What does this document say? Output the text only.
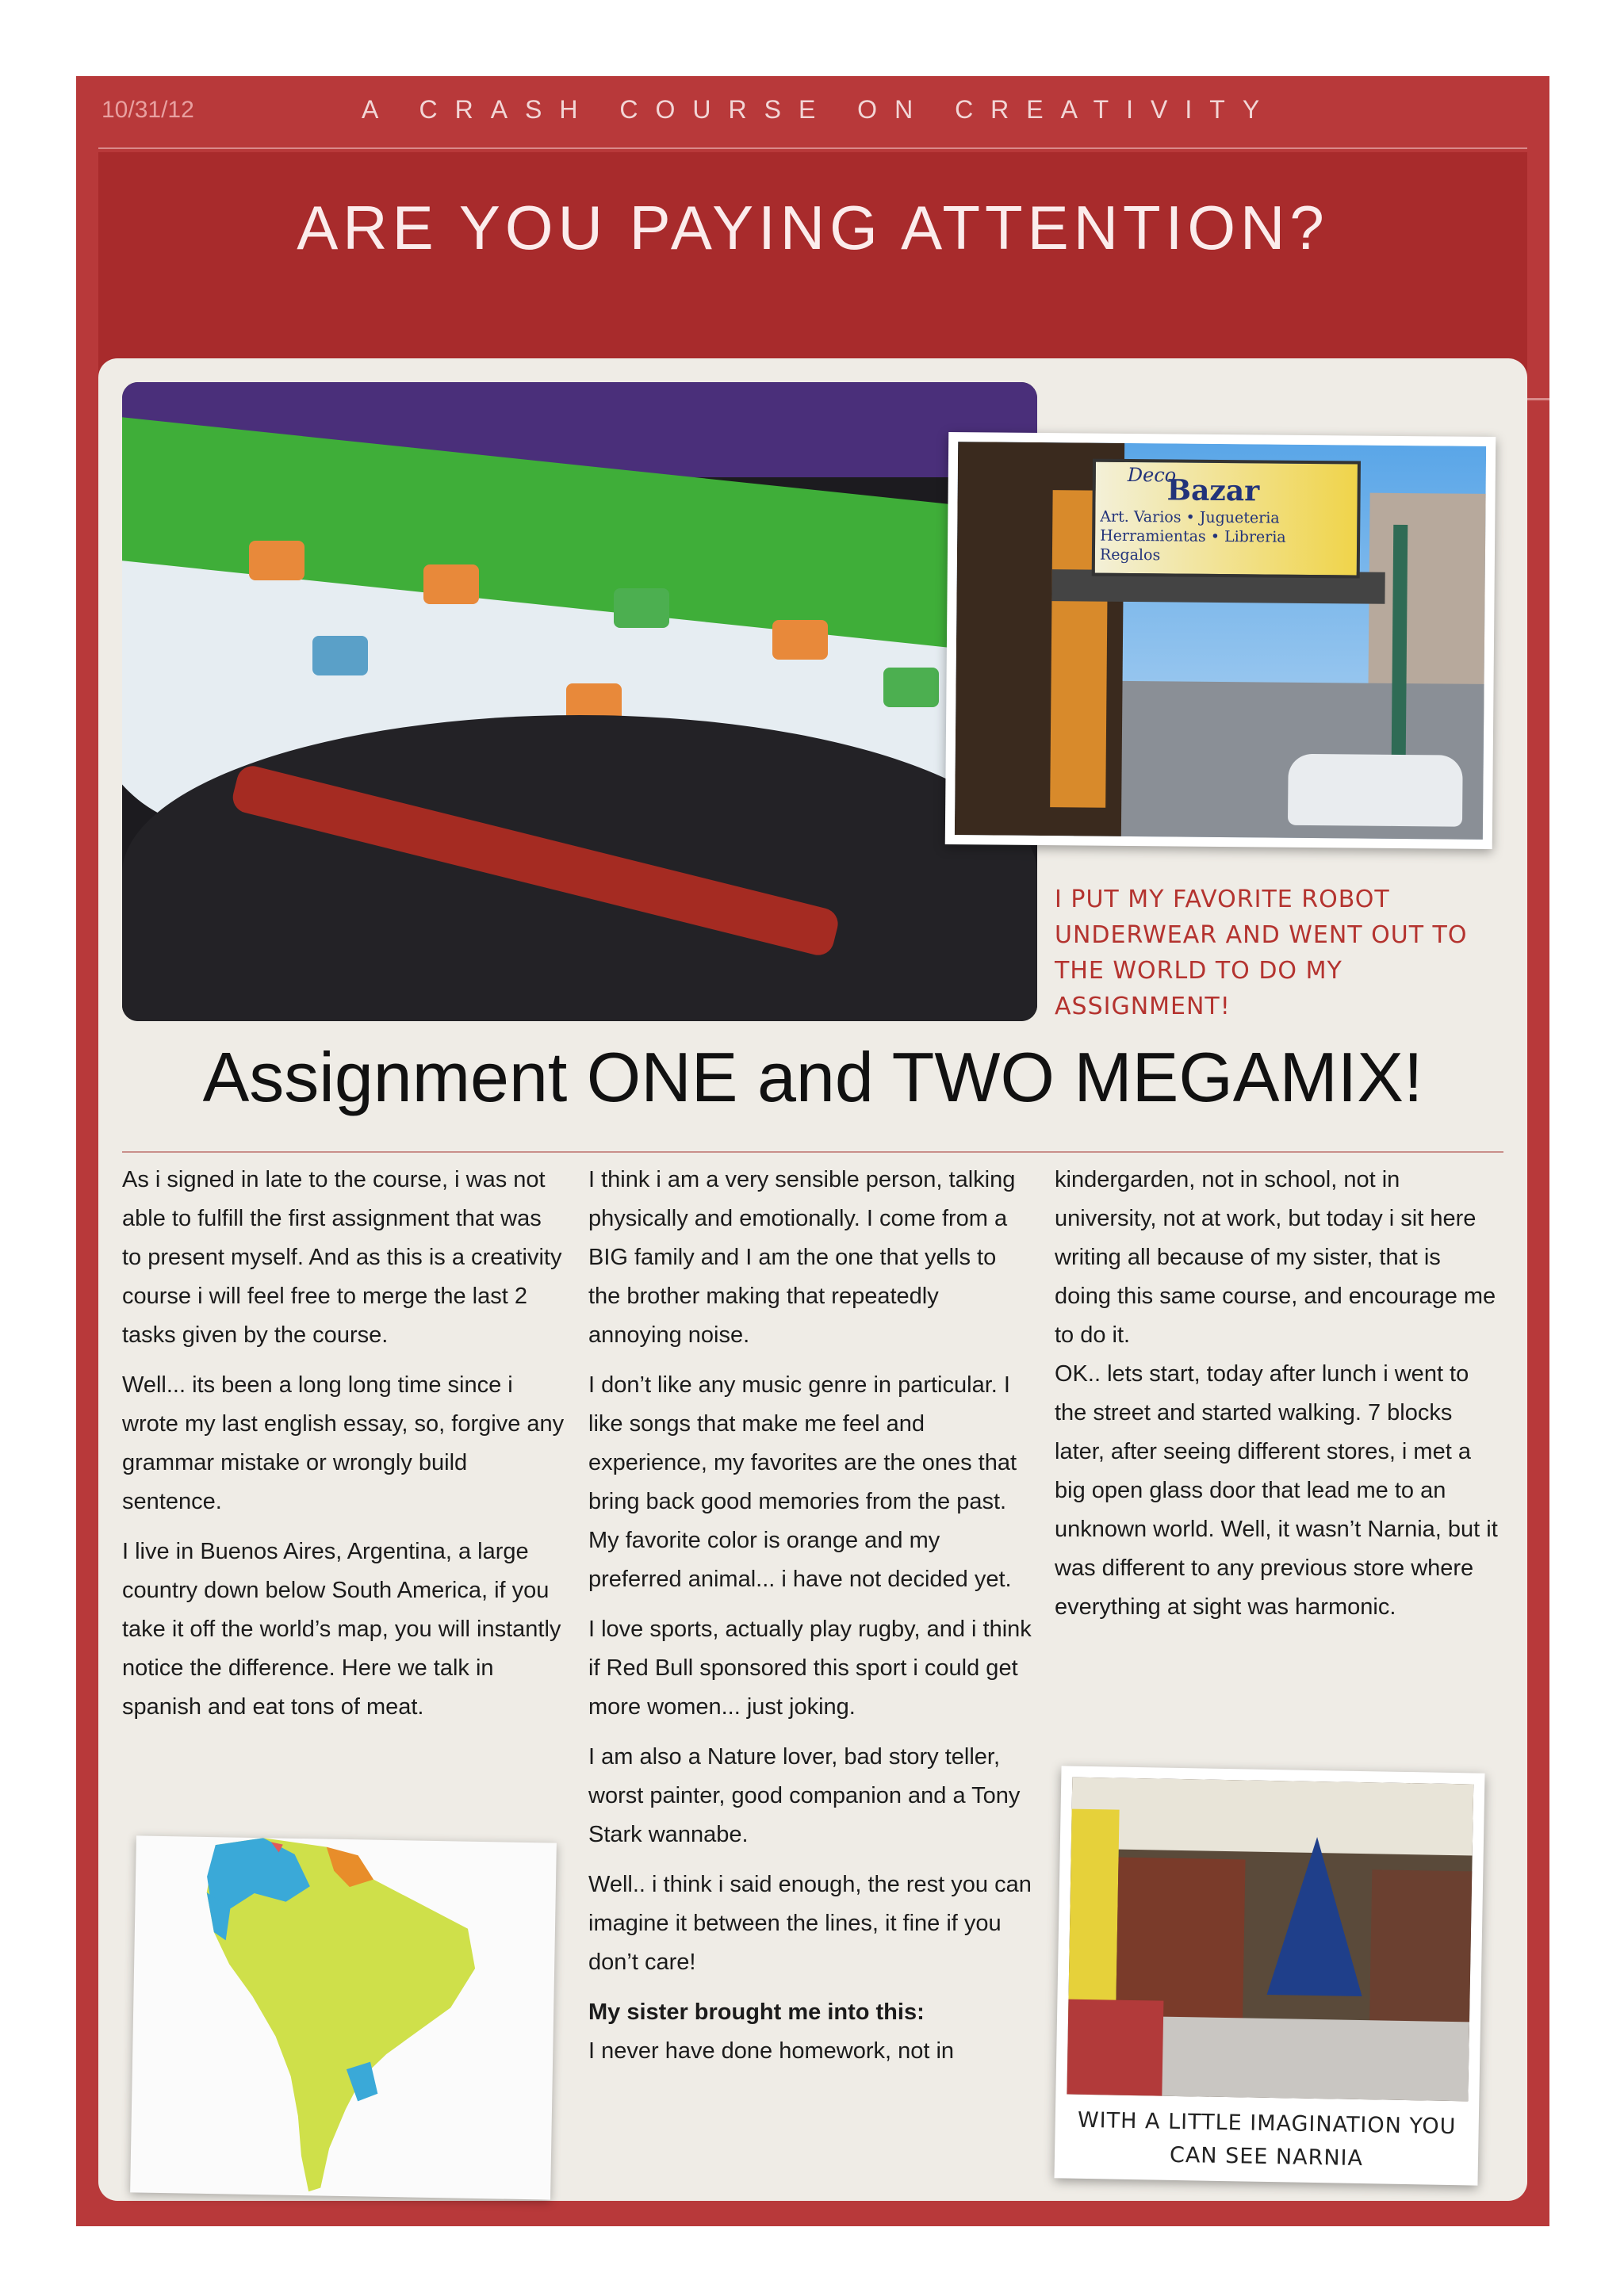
10/31/12	A CRASH COURSE ON CREATIVITY
ARE YOU PAYING ATTENTION?
Deco
Bazar
Art. Varios • Jugueteria
Herramientas • Libreria
Regalos
I PUT MY FAVORITE ROBOT UNDERWEAR AND WENT OUT TO THE WORLD TO DO MY ASSIGNMENT!
Assignment ONE and TWO MEGAMIX!

As i signed in late to the course, i was not able to fulfill the first assignment that was to present myself. And as this is a creativity course i will feel free to merge the last 2 tasks given by the course.

Well... its been a long long time since i wrote my last english essay, so, forgive any grammar mistake or wrongly build sentence.

I live in Buenos Aires, Argentina, a large country down below South America, if you take it off the world’s map, you will instantly notice the difference. Here we talk in spanish and eat tons of meat.

I think i am a very sensible person, talking physically and emotionally. I come from a BIG family and I am the one that yells to the brother making that repeatedly annoying noise.

I don’t like any music genre in particular. I like songs that make me feel and experience, my favorites are the ones that bring back good memories from the past. My favorite color is orange and my preferred animal... i have not decided yet.

I love sports, actually play rugby, and i think if Red Bull sponsored this sport i could get more women... just joking.

I am also a Nature lover, bad story teller, worst painter, good companion and a Tony Stark wannabe.

Well.. i think i said enough, the rest you can imagine it between the lines, it fine if you don’t care!

My sister brought me into this:

I never have done homework, not in

kindergarden, not in school, not in university, not at work, but today i sit here writing all because of my sister, that is doing this same course, and encourage me to do it.

OK.. lets start, today after lunch i went to the street and started walking. 7 blocks later, after seeing different stores, i met a big open glass door that lead me to an unknown world. Well, it wasn’t Narnia, but it was different to any previous store where everything at sight was harmonic.

WITH A LITTLE IMAGINATION YOU CAN SEE NARNIA
